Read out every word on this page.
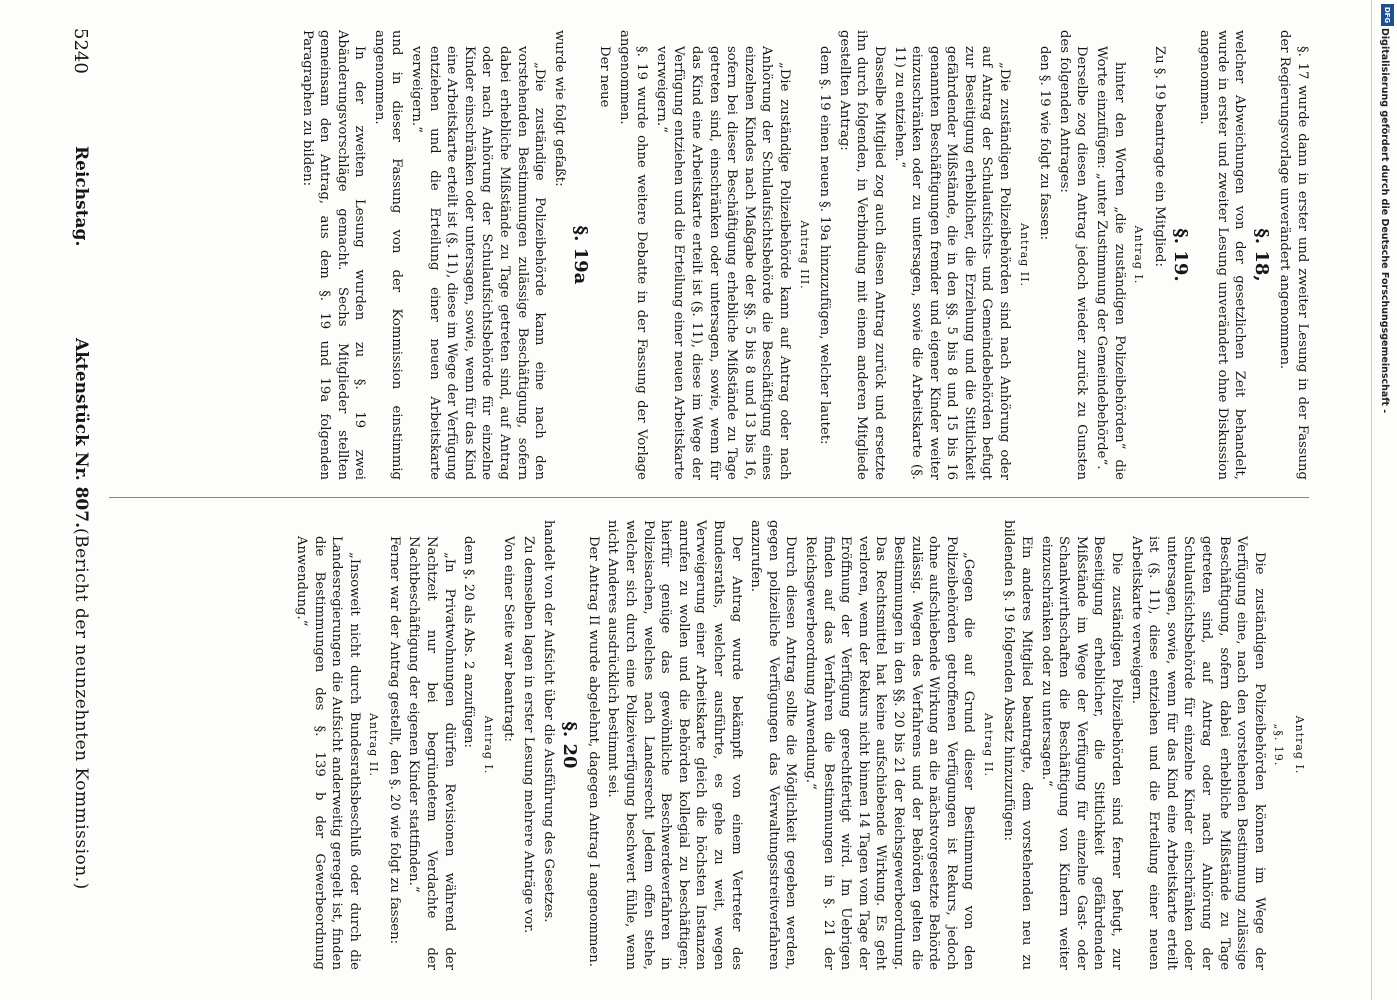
5240
Reichstag.
Aktenstück Nr. 807.
(Bericht der neunzehnten Kommission.)

§. 17 wurde dann in erster und zweiter Lesung in der Fassung der Regierungsvorlage unverändert angenommen.

§. 18,

welcher Abweichungen von der gesetzlichen Zeit behandelt, wurde in erster und zweiter Lesung unverändert ohne Diskussion angenommen.

§. 19.

Zu §. 19 beantragte ein Mitglied:

Antrag I.

hinter den Worten „die zuständigen Polizeibehörden“ die Worte einzufügen: „unter Zustimmung der Gemeindebehörde“.

Derselbe zog diesen Antrag jedoch wieder zurück zu Gunsten des folgenden Antrages:

den §. 19 wie folgt zu fassen:

Antrag II.

„Die zuständigen Polizeibehörden sind nach Anhörung oder auf Antrag der Schulaufsichts- und Gemeindebehörden befugt zur Beseitigung erheblicher, die Erziehung und die Sittlichkeit gefährdender Mißstände, die in den §§. 5 bis 8 und 15 bis 16 genannten Beschäftigungen fremder und eigener Kinder weiter einzuschränken oder zu untersagen, sowie die Arbeitskarte (§. 11) zu entziehen.“

Dasselbe Mitglied zog auch diesen Antrag zurück und ersetzte ihn durch folgenden, in Verbindung mit einem anderen Mitgliede gestellten Antrag:

dem §. 19 einen neuen §. 19a hinzuzufügen, welcher lautet:

Antrag III.

„Die zuständige Polizeibehörde kann auf Antrag oder nach Anhörung der Schulaufsichtsbehörde die Beschäftigung eines einzelnen Kindes nach Maßgabe der §§. 5 bis 8 und 13 bis 16, sofern bei dieser Beschäftigung erhebliche Mißstände zu Tage getreten sind, einschränken oder untersagen, sowie, wenn für das Kind eine Arbeitskarte erteilt ist (§. 11), diese im Wege der Verfügung entziehen und die Erteilung einer neuen Arbeitskarte verweigern.“

§. 19 wurde ohne weitere Debatte in der Fassung der Vorlage angenommen.

Der neue

§. 19a

wurde wie folgt gefaßt:

„Die zuständige Polizeibehörde kann eine nach den vorstehenden Bestimmungen zulässige Beschäftigung, sofern dabei erhebliche Mißstände zu Tage getreten sind, auf Antrag oder nach Anhörung der Schulaufsichtsbehörde für einzelne Kinder einschränken oder untersagen, sowie, wenn für das Kind eine Arbeitskarte erteilt ist (§. 11), diese im Wege der Verfügung entziehen und die Erteilung einer neuen Arbeitskarte verweigern.“

und in dieser Fassung von der Kommission einstimmig angenommen.

In der zweiten Lesung wurden zu §. 19 zwei Abänderungsvorschläge gemacht. Sechs Mitglieder stellten gemeinsam den Antrag, aus dem §. 19 und 19a folgenden Paragraphen zu bilden:

Antrag I.

„§. 19.

Die zuständigen Polizeibehörden können im Wege der Verfügung eine, nach den vorstehenden Bestimmung zulässige Beschäftigung, sofern dabei erhebliche Mißstände zu Tage getreten sind, auf Antrag oder nach Anhörung der Schulaufsichtsbehörde für einzelne Kinder einschränken oder untersagen, sowie, wenn für das Kind eine Arbeitskarte erteilt ist (§. 11), diese entziehen und die Erteilung einer neuen Arbeitskarte verweigern.

Die zuständigen Polizeibehörden sind ferner befugt, zur Beseitigung erheblicher, die Sittlichkeit gefährdenden Mißstände im Wege der Verfügung für einzelne Gast- oder Schankwirthschaften die Beschäftigung von Kindern weiter einzuschränken oder zu untersagen.“

Ein anderes Mitglied beantragte, dem vorstehenden neu zu bildenden §. 19 folgenden Absatz hinzuzufügen:

Antrag II.

„Gegen die auf Grund dieser Bestimmung von den Polizeibehörden getroffenen Verfügungen ist Rekurs, jedoch ohne aufschiebende Wirkung an die nächstvorgesetzte Behörde zulässig. Wegen des Verfahrens und der Behörden gelten die Bestimmungen in den §§. 20 bis 21 der Reichsgewerbeordnung. Das Rechtsmittel hat keine aufschiebende Wirkung. Es geht verloren, wenn der Rekurs nicht binnen 14 Tagen vom Tage der Eröffnung der Verfügung gerechtfertigt wird. Im Uebrigen finden auf das Verfahren die Bestimmungen in §. 21 der Reichsgewerbeordnung Anwendung.“

Durch diesen Antrag sollte die Möglichkeit gegeben werden, gegen polizeiliche Verfügungen das Verwaltungsstreitverfahren anzurufen.

Der Antrag wurde bekämpft von einem Vertreter des Bundesraths, welcher ausführte, es gehe zu weit, wegen Verweigerung einer Arbeitskarte gleich die höchsten Instanzen anrufen zu wollen und die Behörden kollegial zu beschäftigen; hierfür genüge das gewöhnliche Beschwerdeverfahren in Polizeisachen, welches nach Landesrecht Jedem offen stehe, welcher sich durch eine Polizeiverfügung beschwert fühle, wenn nicht Anderes ausdrücklich bestimmt sei.

Der Antrag II wurde abgelehnt, dagegen Antrag I angenommen.

§. 20

handelt von der Aufsicht über die Ausführung des Gesetzes.

Zu demselben lagen in erster Lesung mehrere Anträge vor.

Von einer Seite war beantragt:

Antrag I.

dem §. 20 als Abs. 2 anzufügen:

„In Privatwohnungen dürfen Revisionen während der Nachtzeit nur bei begründetem Verdachte der Nachtbeschäftigung der eigenen Kinder stattfinden.“

Ferner war der Antrag gestellt, den §. 20 wie folgt zu fassen:

Antrag II.

„Insoweit nicht durch Bundesrathsbeschluß oder durch die Landesregierungen die Aufsicht anderweitig geregelt ist, finden die Bestimmungen des §. 139 b der Gewerbeordnung Anwendung.“

DFG
Digitalisierung gefördert durch die Deutsche Forschungsgemeinschaft -
